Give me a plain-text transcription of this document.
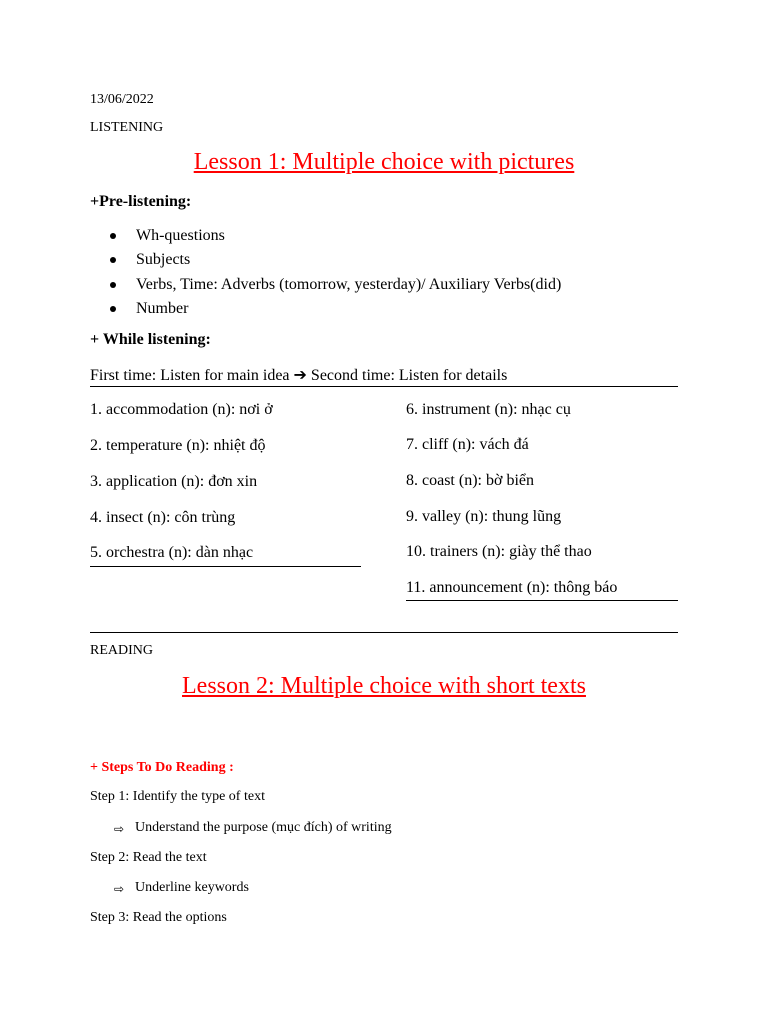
13/06/2022
LISTENING
Lesson 1: Multiple choice with pictures
+Pre-listening:
Wh-questions
Subjects
Verbs, Time: Adverbs (tomorrow, yesterday)/ Auxiliary Verbs(did)
Number
+ While listening:
First time: Listen for main idea ➔ Second time: Listen for details
1. accommodation (n): nơi ở
2. temperature (n): nhiệt độ
3. application (n): đơn xin
4. insect (n): côn trùng
5. orchestra (n): dàn nhạc
6. instrument (n): nhạc cụ
7. cliff (n): vách đá
8. coast (n): bờ biển
9. valley (n): thung lũng
10. trainers (n): giày thể thao
11. announcement (n): thông báo
READING
Lesson 2: Multiple choice with short texts
+ Steps To Do Reading :
Step 1: Identify the type of text
⇨ Understand the purpose (mục đích) of writing
Step 2: Read the text
⇨ Underline keywords
Step 3: Read the options
